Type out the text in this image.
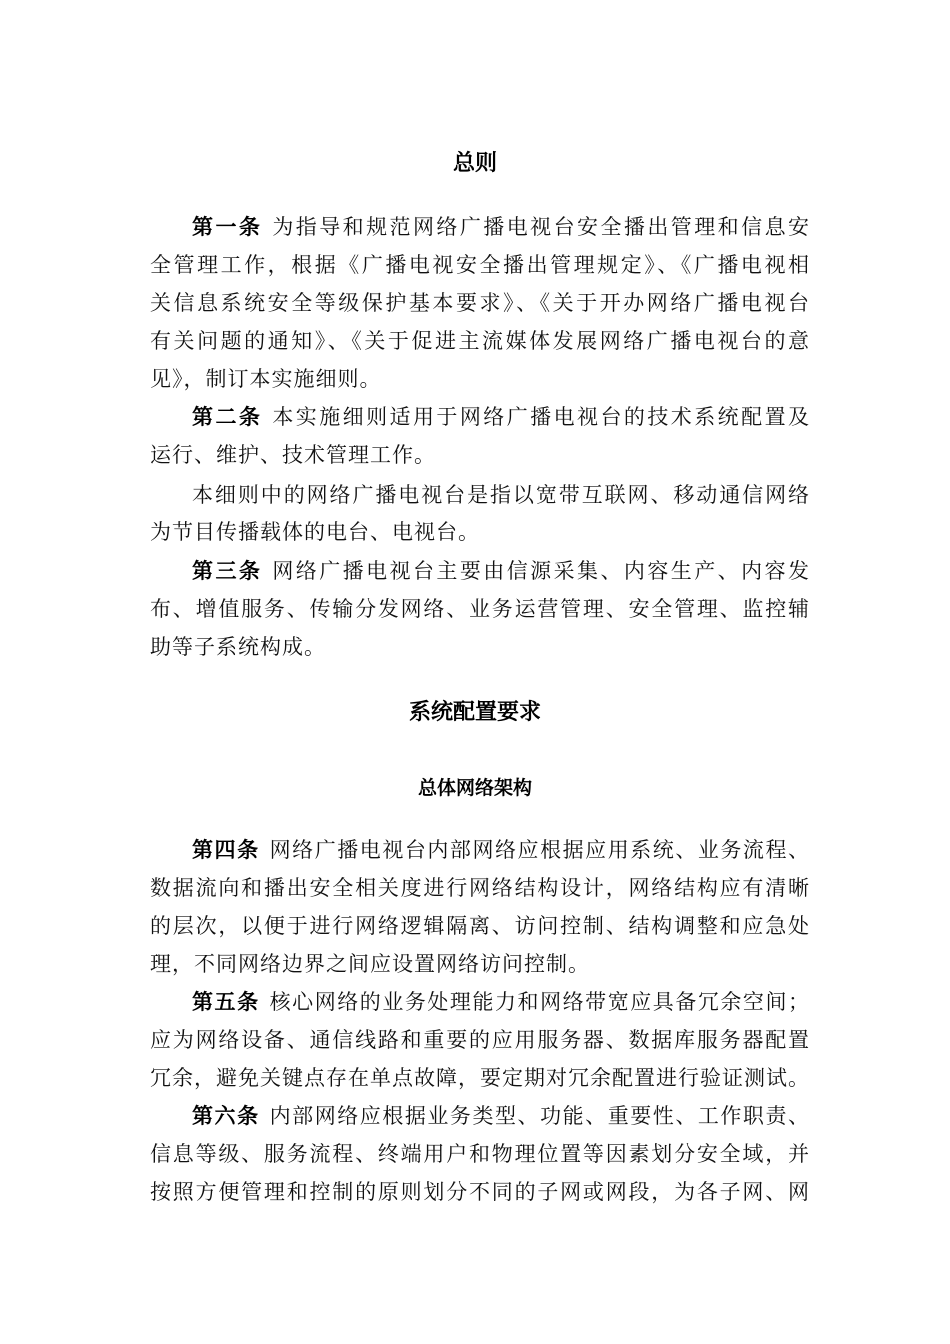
总则
第一条 为指导和规范网络广播电视台安全播出管理和信息安
全管理工作，根据《广播电视安全播出管理规定》、《广播电视相
关信息系统安全等级保护基本要求》、《关于开办网络广播电视台
有关问题的通知》、《关于促进主流媒体发展网络广播电视台的意
见》，制订本实施细则。
第二条 本实施细则适用于网络广播电视台的技术系统配置及
运行、维护、技术管理工作。
本细则中的网络广播电视台是指以宽带互联网、移动通信网络
为节目传播载体的电台、电视台。
第三条 网络广播电视台主要由信源采集、内容生产、内容发
布、增值服务、传输分发网络、业务运营管理、安全管理、监控辅
助等子系统构成。
系统配置要求
总体网络架构
第四条 网络广播电视台内部网络应根据应用系统、业务流程、
数据流向和播出安全相关度进行网络结构设计，网络结构应有清晰
的层次，以便于进行网络逻辑隔离、访问控制、结构调整和应急处
理，不同网络边界之间应设置网络访问控制。
第五条 核心网络的业务处理能力和网络带宽应具备冗余空间；
应为网络设备、通信线路和重要的应用服务器、数据库服务器配置
冗余，避免关键点存在单点故障，要定期对冗余配置进行验证测试。
第六条 内部网络应根据业务类型、功能、重要性、工作职责、
信息等级、服务流程、终端用户和物理位置等因素划分安全域，并
按照方便管理和控制的原则划分不同的子网或网段，为各子网、网
